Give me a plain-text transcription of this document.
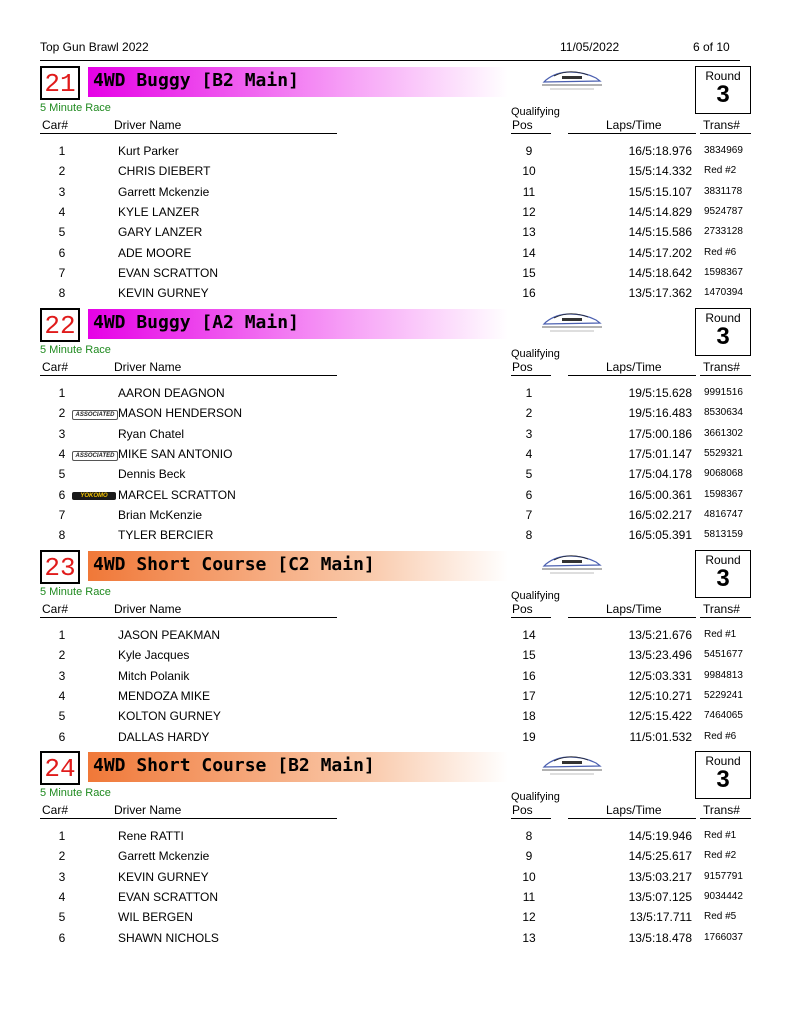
Top Gun Brawl 2022	11/05/2022	6 of 10
4WD Buggy [B2 Main]
21	Round
3
5 Minute Race	Qualifying
Car#	Driver Name	Pos	Laps/Time	Trans#
1	Kurt Parker	9	16/5:18.976 3834969
2	CHRIS DIEBERT	10	15/5:14.332 Red #2
3	Garrett Mckenzie	11	15/5:15.107 3831178
4	KYLE LANZER	12	14/5:14.829 9524787
5	GARY LANZER	13	14/5:15.586 2733128
6	ADE MOORE	14	14/5:17.202 Red #6
7	EVAN SCRATTON	15	14/5:18.642 1598367
8	KEVIN GURNEY	16	13/5:17.362 1470394
4WD Buggy [A2 Main]
22	Round
3
5 Minute Race	Qualifying
Car#	Driver Name	Pos	Laps/Time	Trans#
1	AARON DEAGNON	1	19/5:15.628 9991516
2	MASON HENDERSON	2	19/5:16.483 8530634
ASSOCIATED
3	Ryan Chatel	3	17/5:00.186 3661302
4	MIKE SAN ANTONIO	4	17/5:01.147 5529321
ASSOCIATED
5	Dennis Beck	5	17/5:04.178 9068068
6	MARCEL SCRATTON	6	16/5:00.361 1598367
YOKOMO
7	Brian McKenzie	7	16/5:02.217 4816747
8	TYLER BERCIER	8	16/5:05.391 5813159
4WD Short Course [C2 Main]
23	Round
3
5 Minute Race	Qualifying
Car#	Driver Name	Pos	Laps/Time	Trans#
1	JASON PEAKMAN	14	13/5:21.676 Red #1
2	Kyle Jacques	15	13/5:23.496 5451677
3	Mitch Polanik	16	12/5:03.331 9984813
4	MENDOZA MIKE	17	12/5:10.271 5229241
5	KOLTON GURNEY	18	12/5:15.422 7464065
6	DALLAS HARDY	19	11/5:01.532 Red #6
4WD Short Course [B2 Main]
24	Round
3
5 Minute Race	Qualifying
Car#	Driver Name	Pos	Laps/Time	Trans#
1	Rene RATTI	8	14/5:19.946 Red #1
2	Garrett Mckenzie	9	14/5:25.617 Red #2
3	KEVIN GURNEY	10	13/5:03.217 9157791
4	EVAN SCRATTON	11	13/5:07.125 9034442
5	WIL BERGEN	12	13/5:17.711 Red #5
6	SHAWN NICHOLS	13	13/5:18.478 1766037
